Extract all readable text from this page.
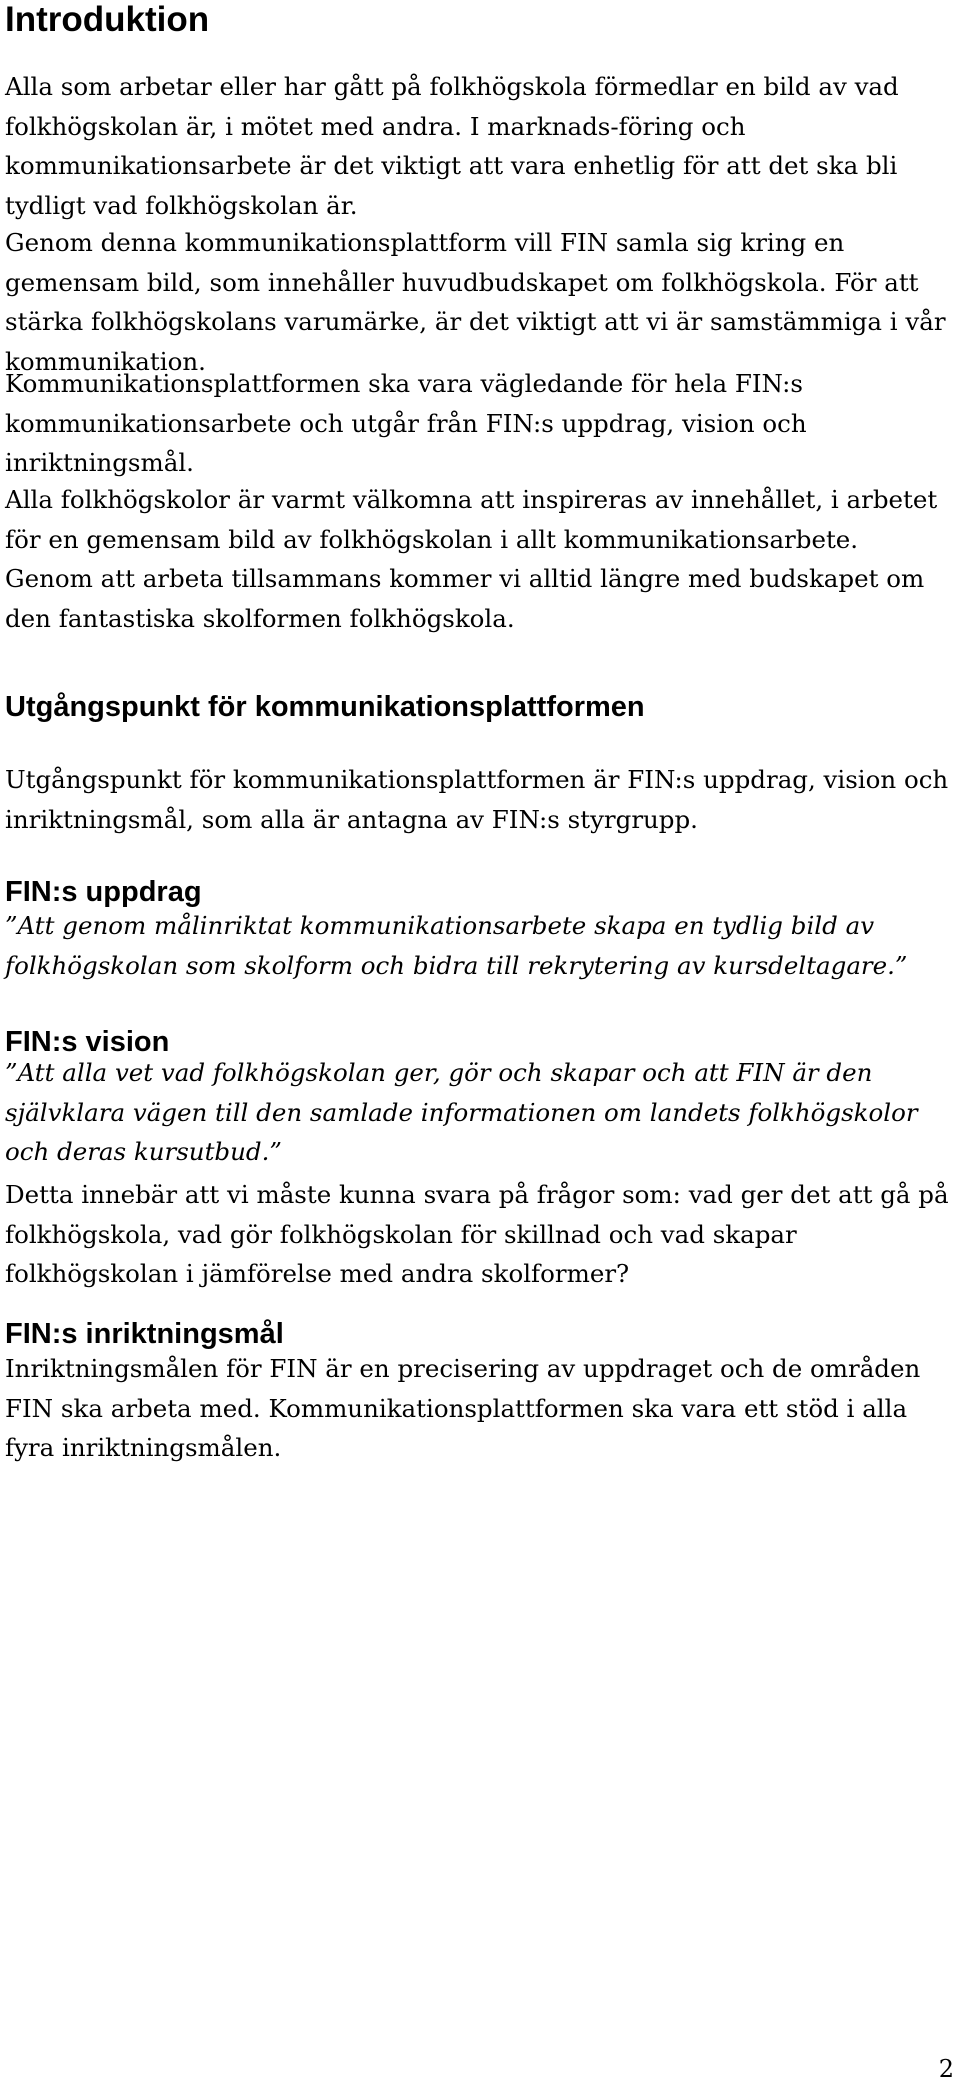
Introduktion

Alla som arbetar eller har gått på folkhögskola förmedlar en bild av vad folkhögskolan är, i mötet med andra. I marknads-föring och kommunikationsarbete är det viktigt att vara enhetlig för att det ska bli tydligt vad folkhögskolan är.

Genom denna kommunikationsplattform vill FIN samla sig kring en gemensam bild, som innehåller huvudbudskapet om folkhögskola. För att stärka folkhögskolans varumärke, är det viktigt att vi är samstämmiga i vår kommunikation.

Kommunikationsplattformen ska vara vägledande för hela FIN:s kommunikationsarbete och utgår från FIN:s uppdrag, vision och inriktningsmål.

Alla folkhögskolor är varmt välkomna att inspireras av innehållet, i arbetet för en gemensam bild av folkhögskolan i allt kommunikationsarbete. Genom att arbeta tillsammans kommer vi alltid längre med budskapet om den fantastiska skolformen folkhögskola.

Utgångspunkt för kommunikationsplattformen

Utgångspunkt för kommunikationsplattformen är FIN:s uppdrag, vision och inriktningsmål, som alla är antagna av FIN:s styrgrupp.

FIN:s uppdrag

”Att genom målinriktat kommunikationsarbete skapa en tydlig bild av folkhögskolan som skolform och bidra till rekrytering av kursdeltagare.”

FIN:s vision

”Att alla vet vad folkhögskolan ger, gör och skapar och att FIN är den självklara vägen till den samlade informationen om landets folkhögskolor och deras kursutbud.”

Detta innebär att vi måste kunna svara på frågor som: vad ger det att gå på folkhögskola, vad gör folkhögskolan för skillnad och vad skapar folkhögskolan i jämförelse med andra skolformer?

FIN:s inriktningsmål

Inriktningsmålen för FIN är en precisering av uppdraget och de områden FIN ska arbeta med. Kommunikationsplattformen ska vara ett stöd i alla fyra inriktningsmålen.

2
